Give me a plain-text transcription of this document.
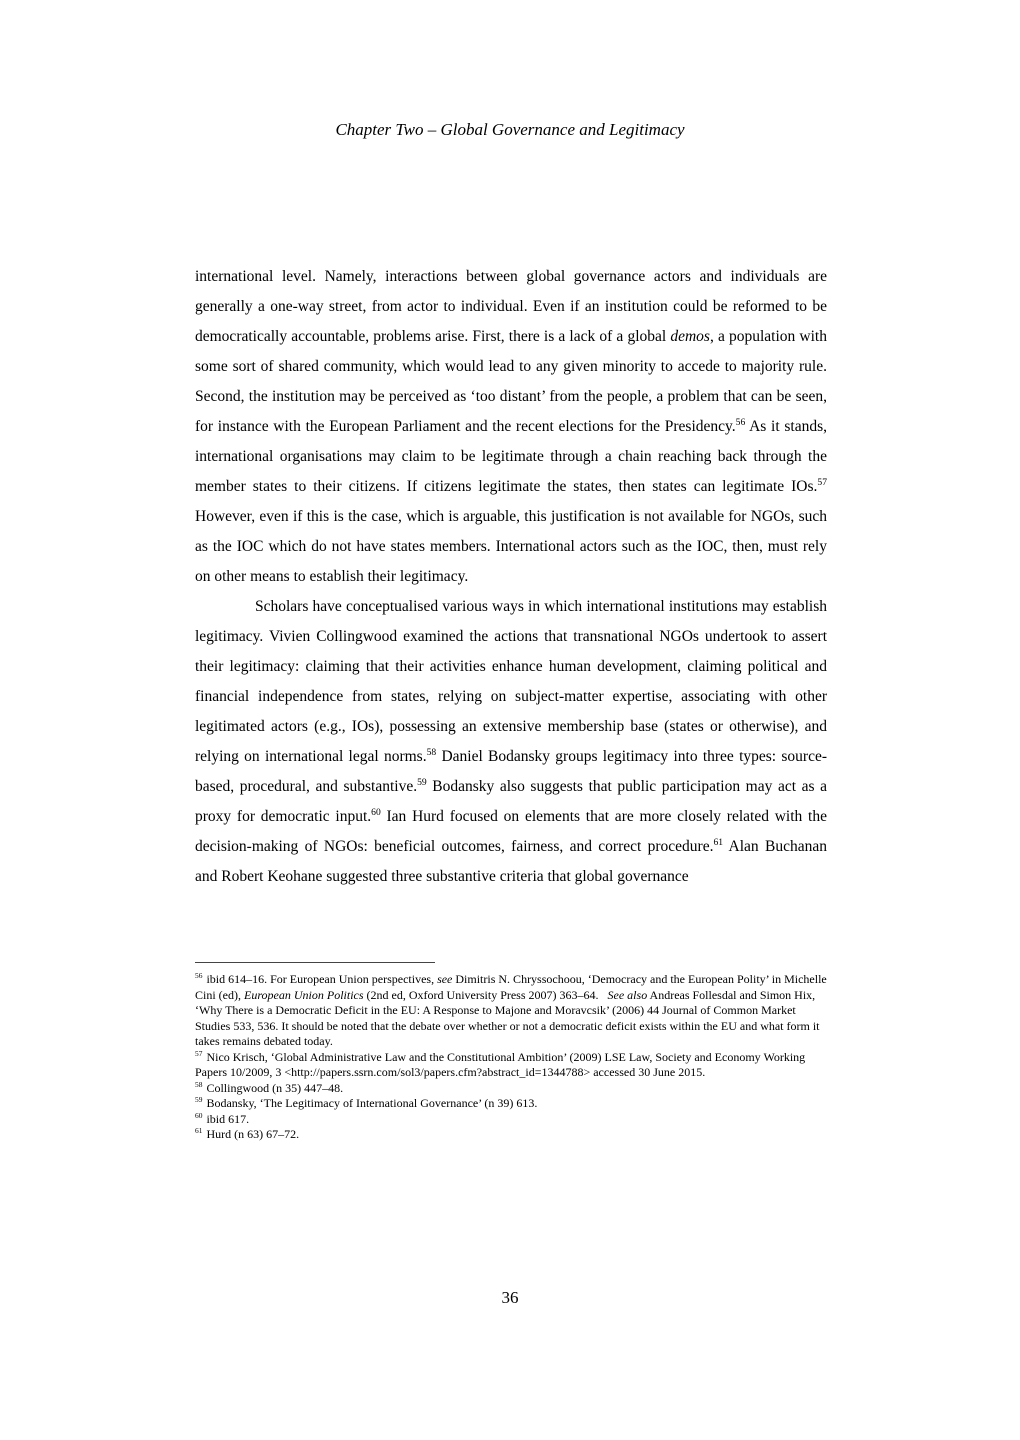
Chapter Two – Global Governance and Legitimacy

international level. Namely, interactions between global governance actors and individuals are generally a one-way street, from actor to individual. Even if an institution could be reformed to be democratically accountable, problems arise. First, there is a lack of a global demos, a population with some sort of shared community, which would lead to any given minority to accede to majority rule. Second, the institution may be perceived as ‘too distant’ from the people, a problem that can be seen, for instance with the European Parliament and the recent elections for the Presidency.$^{56}$ As it stands, international organisations may claim to be legitimate through a chain reaching back through the member states to their citizens. If citizens legitimate the states, then states can legitimate IOs.$^{57}$ However, even if this is the case, which is arguable, this justification is not available for NGOs, such as the IOC which do not have states members. International actors such as the IOC, then, must rely on other means to establish their legitimacy.

Scholars have conceptualised various ways in which international institutions may establish legitimacy. Vivien Collingwood examined the actions that transnational NGOs undertook to assert their legitimacy: claiming that their activities enhance human development, claiming political and financial independence from states, relying on subject-matter expertise, associating with other legitimated actors (e.g., IOs), possessing an extensive membership base (states or otherwise), and relying on international legal norms.$^{58}$ Daniel Bodansky groups legitimacy into three types: source-based, procedural, and substantive.$^{59}$ Bodansky also suggests that public participation may act as a proxy for democratic input.$^{60}$ Ian Hurd focused on elements that are more closely related with the decision-making of NGOs: beneficial outcomes, fairness, and correct procedure.$^{61}$ Alan Buchanan and Robert Keohane suggested three substantive criteria that global governance

$^{56}$ ibid 614–16. For European Union perspectives, see Dimitris N. Chryssochoou, ‘Democracy and the European Polity’ in Michelle Cini (ed), European Union Politics (2nd ed, Oxford University Press 2007) 363–64.   See also Andreas Follesdal and Simon Hix, ‘Why There is a Democratic Deficit in the EU: A Response to Majone and Moravcsik’ (2006) 44 Journal of Common Market Studies 533, 536. It should be noted that the debate over whether or not a democratic deficit exists within the EU and what form it takes remains debated today.
$^{57}$ Nico Krisch, ‘Global Administrative Law and the Constitutional Ambition’ (2009) LSE Law, Society and Economy Working Papers 10/2009, 3 <http://papers.ssrn.com/sol3/papers.cfm?abstract_id=1344788> accessed 30 June 2015.
$^{58}$ Collingwood (n 35) 447–48.
$^{59}$ Bodansky, ‘The Legitimacy of International Governance’ (n 39) 613.
$^{60}$ ibid 617.
$^{61}$ Hurd (n 63) 67–72.
36
